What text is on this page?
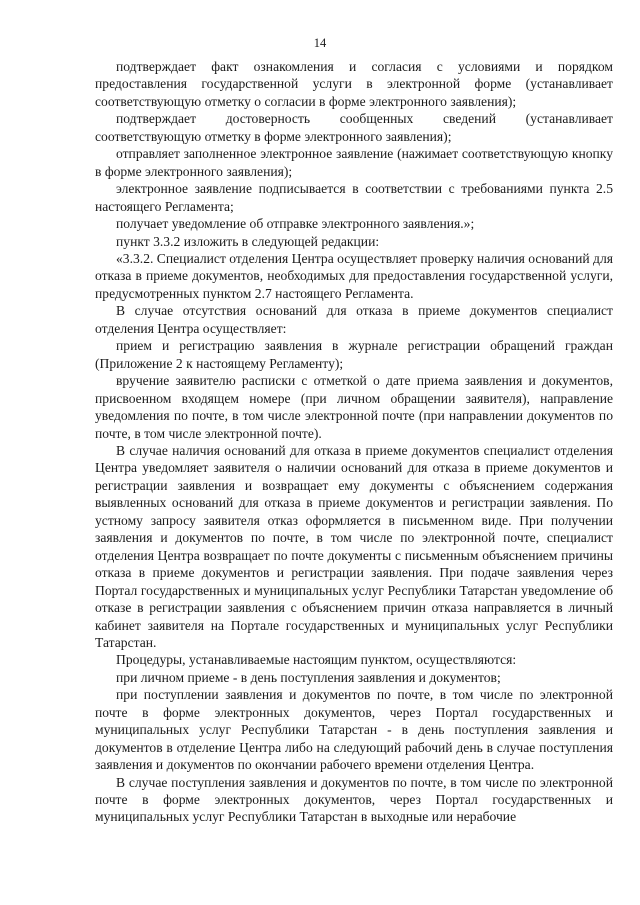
14

подтверждает факт ознакомления и согласия с условиями и порядком предоставления государственной услуги в электронной форме (устанавливает соответствующую отметку о согласии в форме электронного заявления);

подтверждает достоверность сообщенных сведений (устанавливает соответствующую отметку в форме электронного заявления);

отправляет заполненное электронное заявление (нажимает соответствующую кнопку в форме электронного заявления);

электронное заявление подписывается в соответствии с требованиями пункта 2.5 настоящего Регламента;

получает уведомление об отправке электронного заявления.»;

пункт 3.3.2 изложить в следующей редакции:

«3.3.2. Специалист отделения Центра осуществляет проверку наличия оснований для отказа в приеме документов, необходимых для предоставления государственной услуги, предусмотренных пунктом 2.7 настоящего Регламента.

В случае отсутствия оснований для отказа в приеме документов специалист отделения Центра осуществляет:

прием и регистрацию заявления в журнале регистрации обращений граждан (Приложение 2 к настоящему Регламенту);

вручение заявителю расписки с отметкой о дате приема заявления и документов, присвоенном входящем номере (при личном обращении заявителя), направление уведомления по почте, в том числе электронной почте (при направлении документов по почте, в том числе электронной почте).

В случае наличия оснований для отказа в приеме документов специалист отделения Центра уведомляет заявителя о наличии оснований для отказа в приеме документов и регистрации заявления и возвращает ему документы с объяснением содержания выявленных оснований для отказа в приеме документов и регистрации заявления. По устному запросу заявителя отказ оформляется в письменном виде. При получении заявления и документов по почте, в том числе по электронной почте, специалист отделения Центра возвращает по почте документы с письменным объяснением причины отказа в приеме документов и регистрации заявления. При подаче заявления через Портал государственных и муниципальных услуг Республики Татарстан уведомление об отказе в регистрации заявления с объяснением причин отказа направляется в личный кабинет заявителя на Портале государственных и муниципальных услуг Республики Татарстан.

Процедуры, устанавливаемые настоящим пунктом, осуществляются:

при личном приеме - в день поступления заявления и документов;

при поступлении заявления и документов по почте, в том числе по электронной почте в форме электронных документов, через Портал государственных и муниципальных услуг Республики Татарстан - в день поступления заявления и документов в отделение Центра либо на следующий рабочий день в случае поступления заявления и документов по окончании рабочего времени отделения Центра.

В случае поступления заявления и документов по почте, в том числе по электронной почте в форме электронных документов, через Портал государственных и муниципальных услуг Республики Татарстан в выходные или нерабочие
